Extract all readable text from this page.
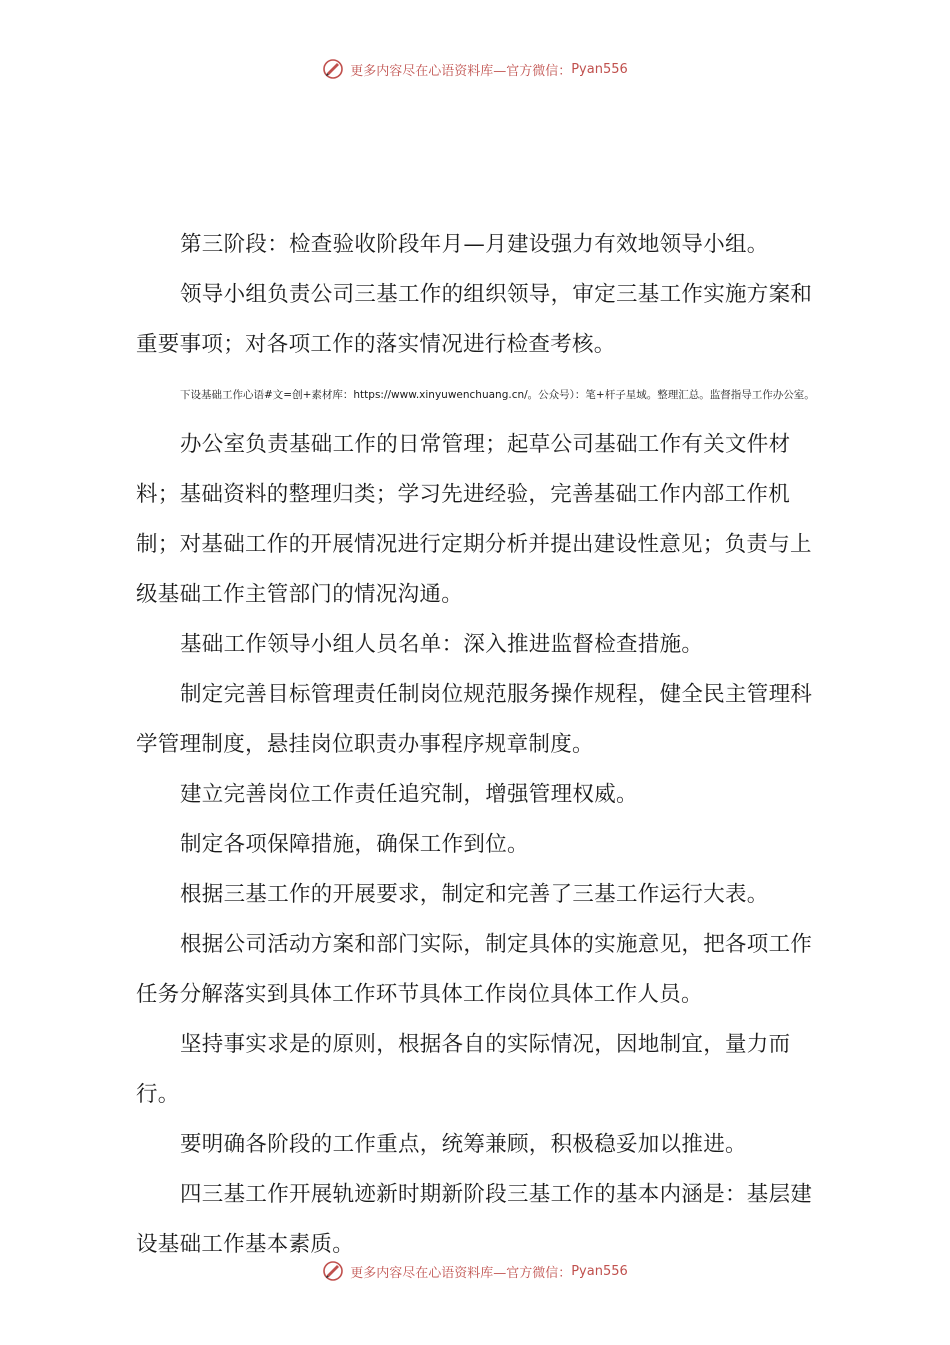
更多内容尽在心语资料库—官方微信： Pyan556

第三阶段：检查验收阶段年月—月建设强力有效地领导小组。

领导小组负责公司三基工作的组织领导，审定三基工作实施方案和重要事项；对各项工作的落实情况进行检查考核。

下设基础工作心语#文=创+素材库：https://www.xinyuwenchuang.cn/。公众号）：笔+杆子星域。整理汇总。监督指导工作办公室。

办公室负责基础工作的日常管理；起草公司基础工作有关文件材料；基础资料的整理归类；学习先进经验，完善基础工作内部工作机制；对基础工作的开展情况进行定期分析并提出建设性意见；负责与上级基础工作主管部门的情况沟通。

基础工作领导小组人员名单：深入推进监督检查措施。

制定完善目标管理责任制岗位规范服务操作规程，健全民主管理科学管理制度，悬挂岗位职责办事程序规章制度。

建立完善岗位工作责任追究制，增强管理权威。

制定各项保障措施，确保工作到位。

根据三基工作的开展要求，制定和完善了三基工作运行大表。

根据公司活动方案和部门实际，制定具体的实施意见，把各项工作任务分解落实到具体工作环节具体工作岗位具体工作人员。

坚持事实求是的原则，根据各自的实际情况，因地制宜，量力而行。

要明确各阶段的工作重点，统筹兼顾，积极稳妥加以推进。

四三基工作开展轨迹新时期新阶段三基工作的基本内涵是：基层建设基础工作基本素质。

更多内容尽在心语资料库—官方微信： Pyan556
